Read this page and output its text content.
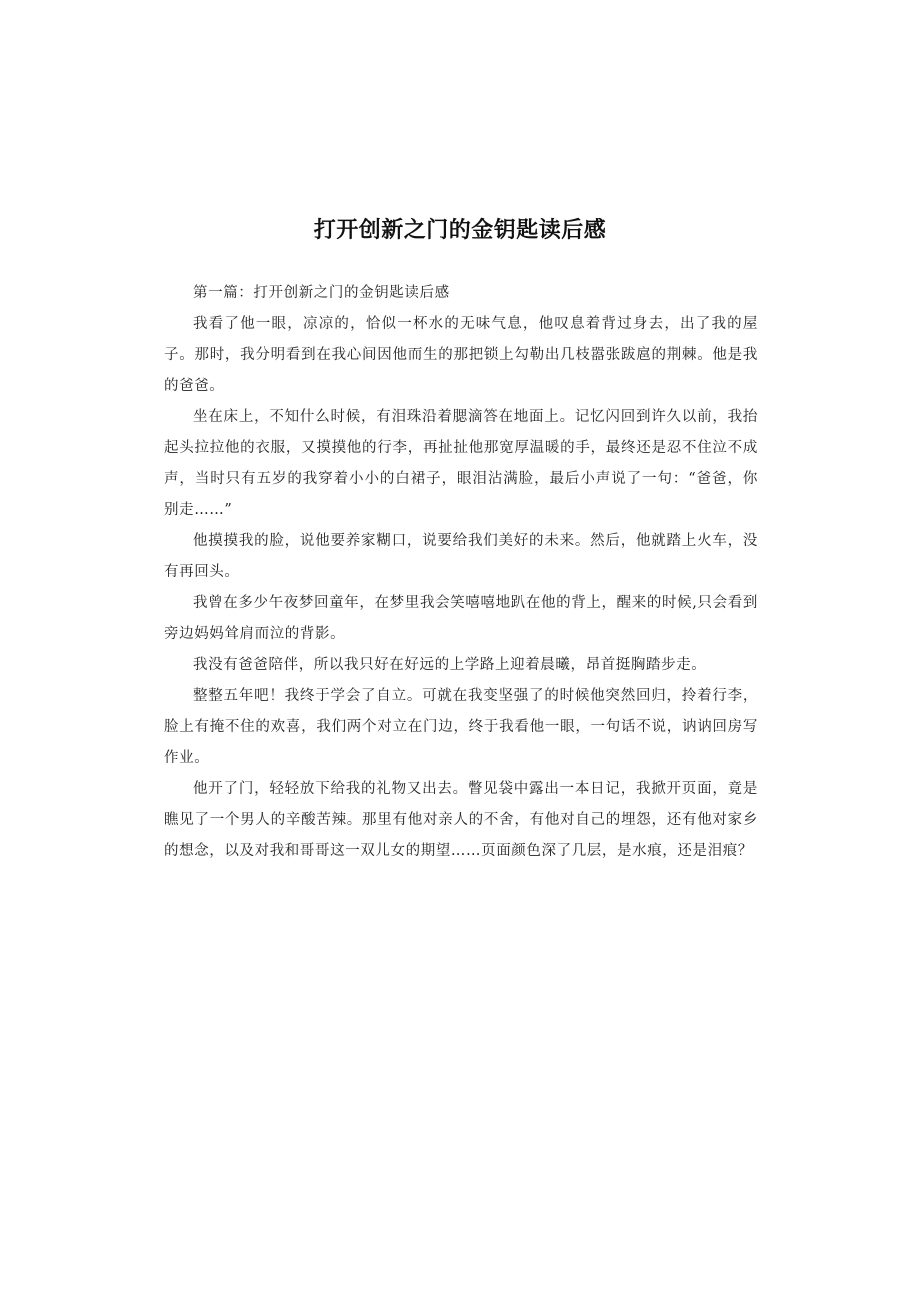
打开创新之门的金钥匙读后感

第一篇：打开创新之门的金钥匙读后感

我看了他一眼，凉凉的，恰似一杯水的无味气息，他叹息着背过身去，出了我的屋子。那时，我分明看到在我心间因他而生的那把锁上勾勒出几枝嚣张跋扈的荆棘。他是我的爸爸。

坐在床上，不知什么时候，有泪珠沿着腮滴答在地面上。记忆闪回到许久以前，我抬起头拉拉他的衣服，又摸摸他的行李，再扯扯他那宽厚温暖的手，最终还是忍不住泣不成声，当时只有五岁的我穿着小小的白裙子，眼泪沾满脸，最后小声说了一句：“爸爸，你别走……”

他摸摸我的脸，说他要养家糊口，说要给我们美好的未来。然后，他就踏上火车，没有再回头。

我曾在多少午夜梦回童年，在梦里我会笑嘻嘻地趴在他的背上，醒来的时候,只会看到旁边妈妈耸肩而泣的背影。

我没有爸爸陪伴，所以我只好在好远的上学路上迎着晨曦，昂首挺胸踏步走。

整整五年吧！我终于学会了自立。可就在我变坚强了的时候他突然回归，拎着行李，脸上有掩不住的欢喜，我们两个对立在门边，终于我看他一眼，一句话不说，讷讷回房写作业。

他开了门，轻轻放下给我的礼物又出去。瞥见袋中露出一本日记，我掀开页面，竟是瞧见了一个男人的辛酸苦辣。那里有他对亲人的不舍，有他对自己的埋怨，还有他对家乡的想念，以及对我和哥哥这一双儿女的期望……页面颜色深了几层，是水痕，还是泪痕？
